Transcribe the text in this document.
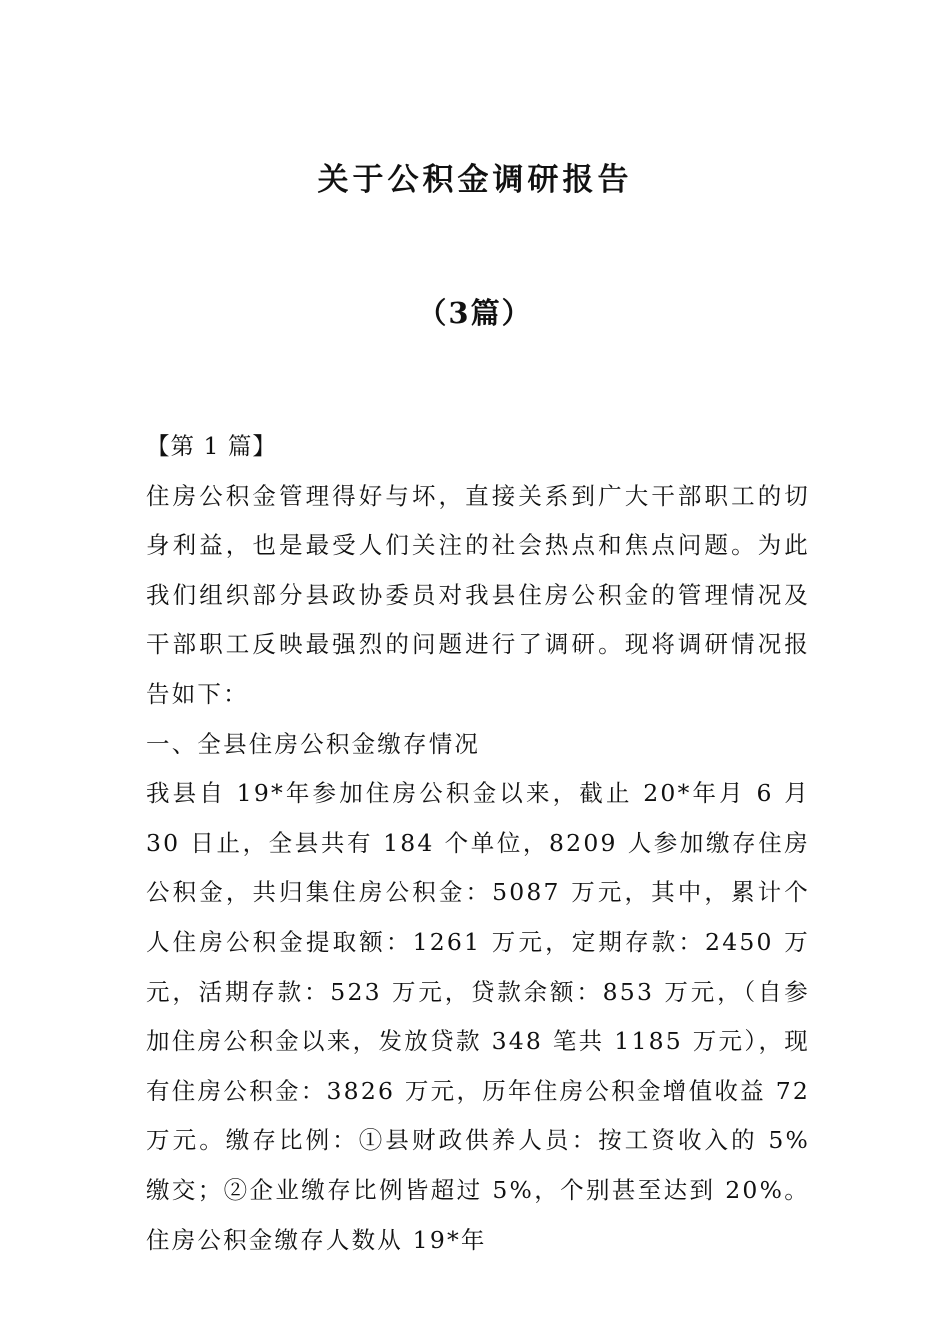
关于公积金调研报告
（3篇）

【第 1 篇】

住房公积金管理得好与坏，直接关系到广大干部职工的切身利益，也是最受人们关注的社会热点和焦点问题。为此我们组织部分县政协委员对我县住房公积金的管理情况及干部职工反映最强烈的问题进行了调研。现将调研情况报告如下：

一、全县住房公积金缴存情况

我县自 19*年参加住房公积金以来，截止 20*年月 6 月 30 日止，全县共有 184 个单位，8209 人参加缴存住房公积金，共归集住房公积金：5087 万元，其中，累计个人住房公积金提取额：1261 万元，定期存款：2450 万元，活期存款：523 万元，贷款余额：853 万元，（自参加住房公积金以来，发放贷款 348 笔共 1185 万元），现有住房公积金：3826 万元，历年住房公积金增值收益 72 万元。缴存比例：①县财政供养人员：按工资收入的 5%缴交；②企业缴存比例皆超过 5%，个别甚至达到 20%。住房公积金缴存人数从 19*年
